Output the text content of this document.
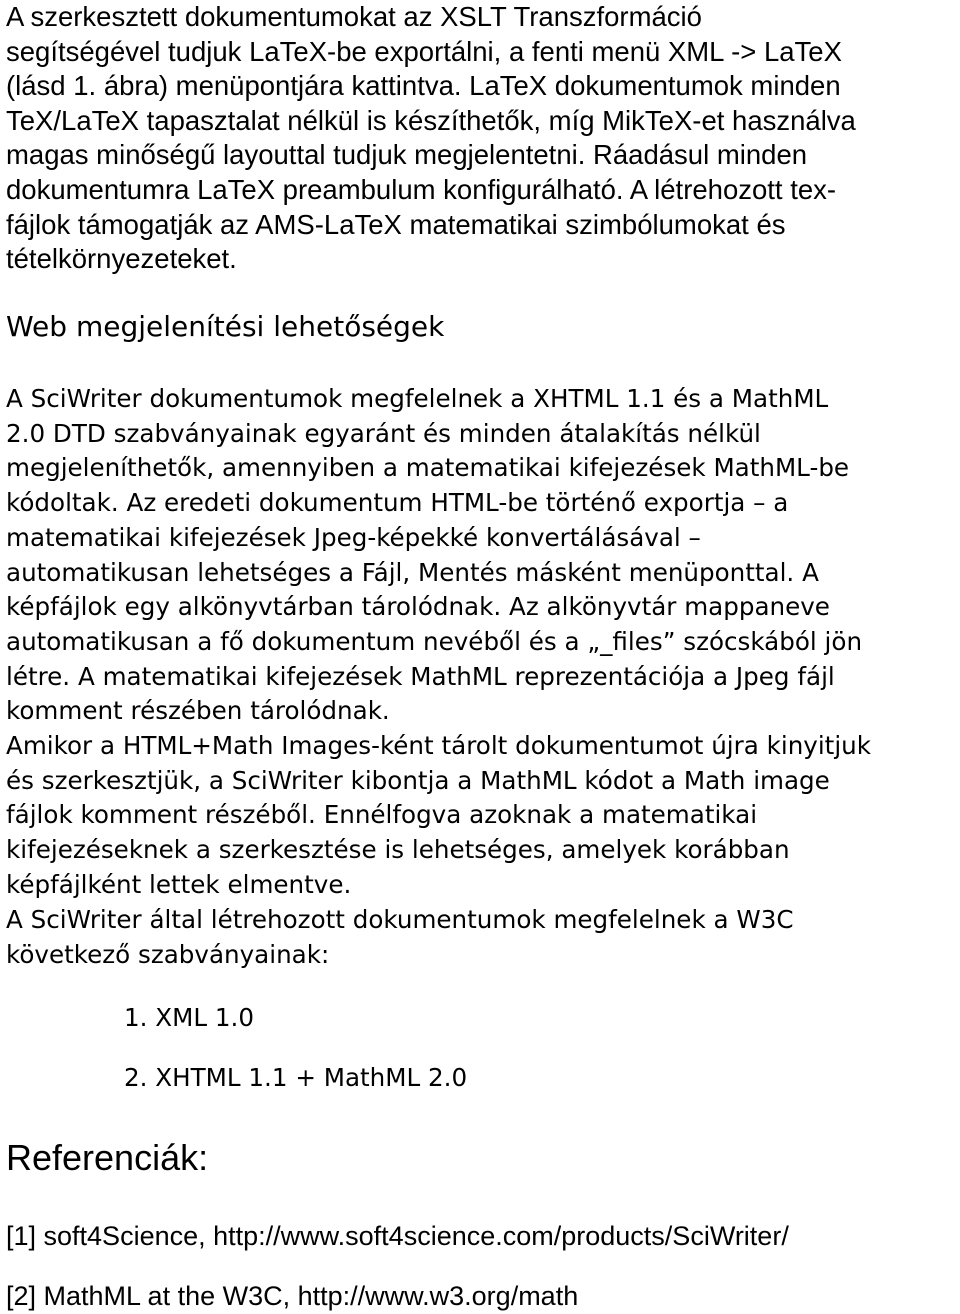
A szerkesztett dokumentumokat az XSLT Transzformáció
segítségével tudjuk LaTeX-be exportálni, a fenti menü XML -> LaTeX
(lásd 1. ábra) menüpontjára kattintva. LaTeX dokumentumok minden
TeX/LaTeX tapasztalat nélkül is készíthetők, míg MikTeX-et használva
magas minőségű layouttal tudjuk megjelentetni. Ráadásul minden
dokumentumra LaTeX preambulum konfigurálható. A létrehozott tex-
fájlok támogatják az AMS-LaTeX matematikai szimbólumokat és
tételkörnyezeteket.

Web megjelenítési lehetőségek

A SciWriter dokumentumok megfelelnek a XHTML 1.1 és a MathML
2.0 DTD szabványainak egyaránt és minden átalakítás nélkül
megjeleníthetők, amennyiben a matematikai kifejezések MathML-be
kódoltak. Az eredeti dokumentum HTML-be történő exportja – a
matematikai kifejezések Jpeg-képekké konvertálásával –
automatikusan lehetséges a Fájl, Mentés másként menüponttal. A
képfájlok egy alkönyvtárban tárolódnak. Az alkönyvtár mappaneve
automatikusan a fő dokumentum nevéből és a „_files” szócskából jön
létre. A matematikai kifejezések MathML reprezentációja a Jpeg fájl
komment részében tárolódnak.

Amikor a HTML+Math Images-ként tárolt dokumentumot újra kinyitjuk
és szerkesztjük, a SciWriter kibontja a MathML kódot a Math image
fájlok komment részéből. Ennélfogva azoknak a matematikai
kifejezéseknek a szerkesztése is lehetséges, amelyek korábban
képfájlként lettek elmentve.

A SciWriter által létrehozott dokumentumok megfelelnek a W3C
következő szabványainak:

1. XML 1.0

2. XHTML 1.1 + MathML 2.0

Referenciák:

[1] soft4Science, http://www.soft4science.com/products/SciWriter/

[2] MathML at the W3C, http://www.w3.org/math
